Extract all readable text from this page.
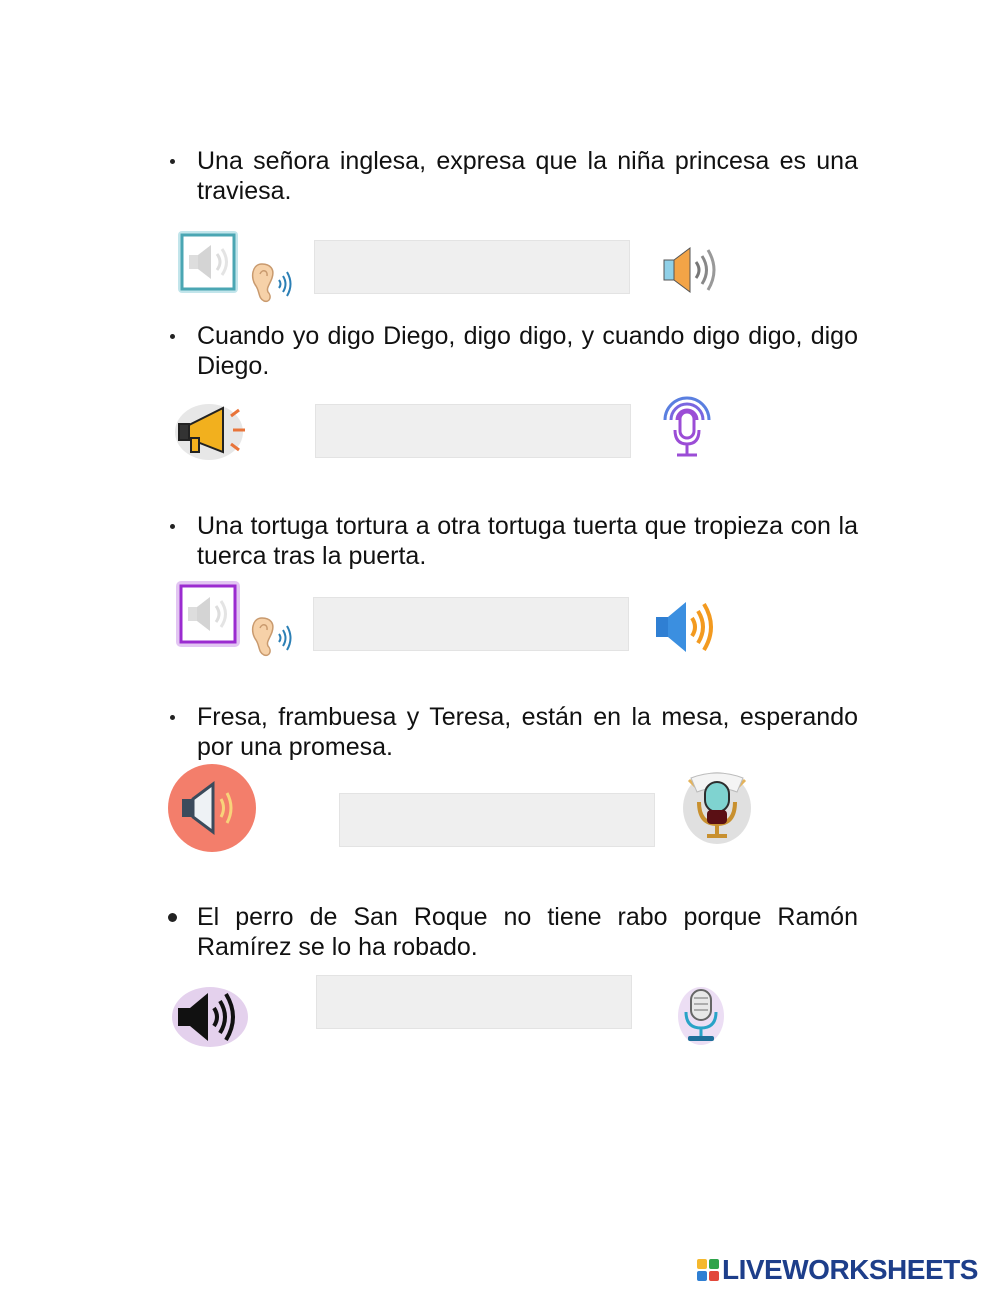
Una señora inglesa, expresa que la niña princesa es una traviesa.
Cuando yo digo Diego, digo digo, y cuando digo digo, digo Diego.
Una tortuga tortura a otra tortuga tuerta que tropieza con la tuerca tras la puerta.
Fresa, frambuesa y Teresa, están en la mesa, esperando por una promesa.
El perro de San Roque no tiene rabo porque Ramón Ramírez se lo ha robado.
LIVEWORKSHEETS
